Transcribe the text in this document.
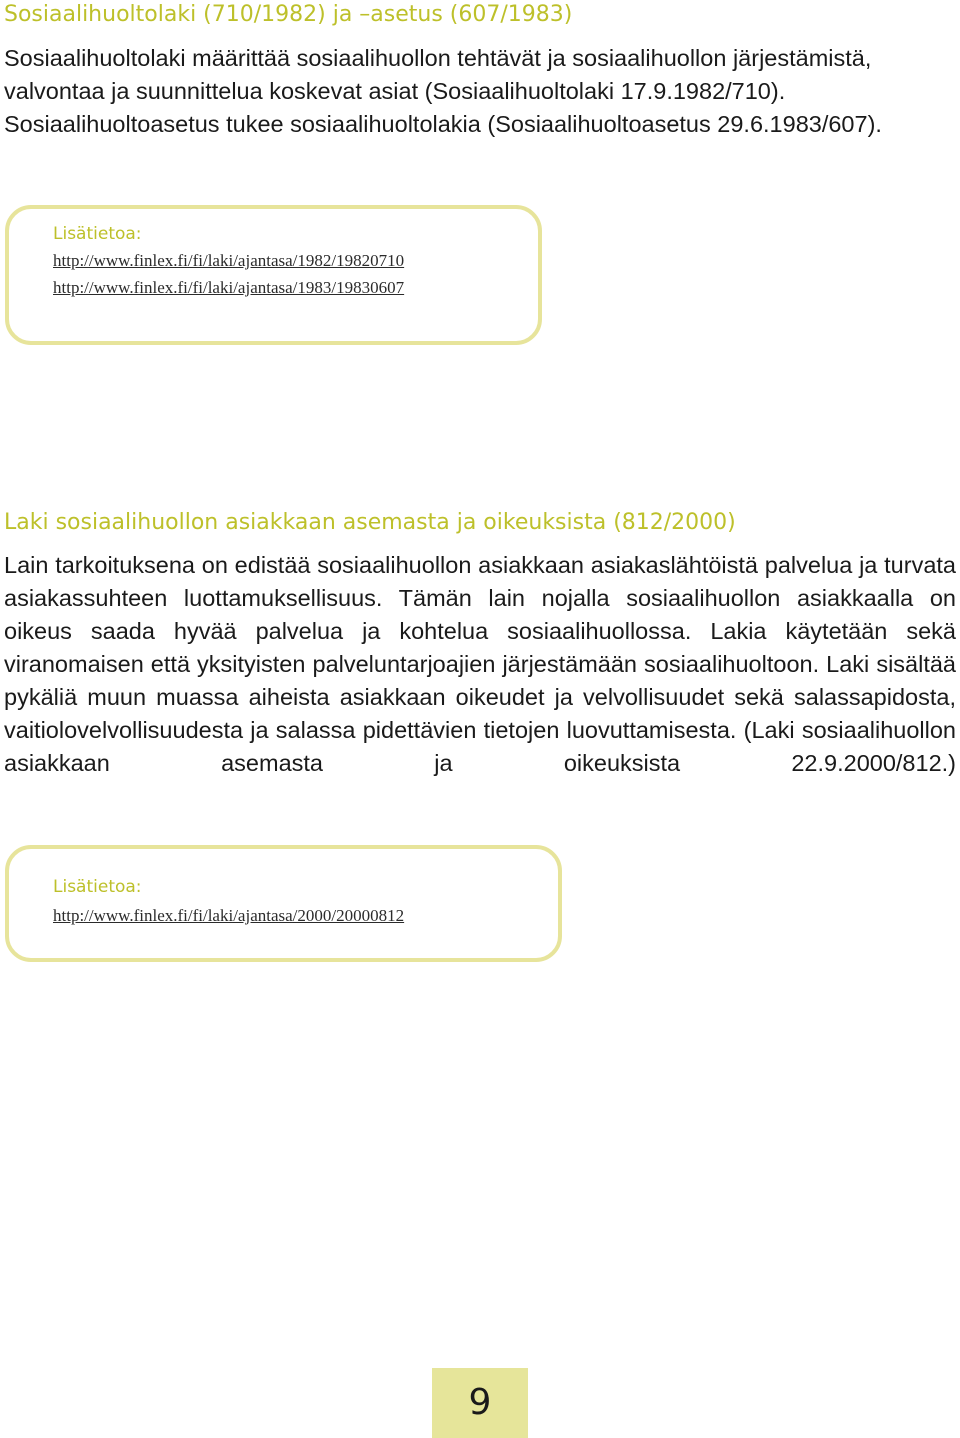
Sosiaalihuoltolaki (710/1982) ja –asetus (607/1983)

Sosiaalihuoltolaki määrittää sosiaalihuollon tehtävät ja sosiaalihuollon järjestämistä, valvontaa ja suunnittelua koskevat asiat (Sosiaalihuoltolaki 17.9.1982/710). Sosiaalihuoltoasetus tukee sosiaalihuoltolakia (Sosiaalihuoltoasetus 29.6.1983/607).

Lisätietoa:
http://www.finlex.fi/fi/laki/ajantasa/1982/19820710
http://www.finlex.fi/fi/laki/ajantasa/1983/19830607
Laki sosiaalihuollon asiakkaan asemasta ja oikeuksista (812/2000)

Lain tarkoituksena on edistää sosiaalihuollon asiakkaan asiakaslähtöistä palvelua ja turvata asiakassuhteen luottamuksellisuus. Tämän lain nojalla sosiaalihuollon asiakkaalla on oikeus saada hyvää palvelua ja kohtelua sosiaalihuollossa. Lakia käytetään sekä viranomaisen että yksityisten palveluntarjoajien järjestämään sosiaalihuoltoon. Laki sisältää pykäliä muun muassa aiheista asiakkaan oikeudet ja velvollisuudet sekä salassapidosta, vaitiolovelvollisuudesta ja salassa pidettävien tietojen luovuttamisesta. (Laki sosiaalihuollon asiakkaan asemasta ja oikeuksista 22.9.2000/812.)

Lisätietoa:
http://www.finlex.fi/fi/laki/ajantasa/2000/20000812
9
